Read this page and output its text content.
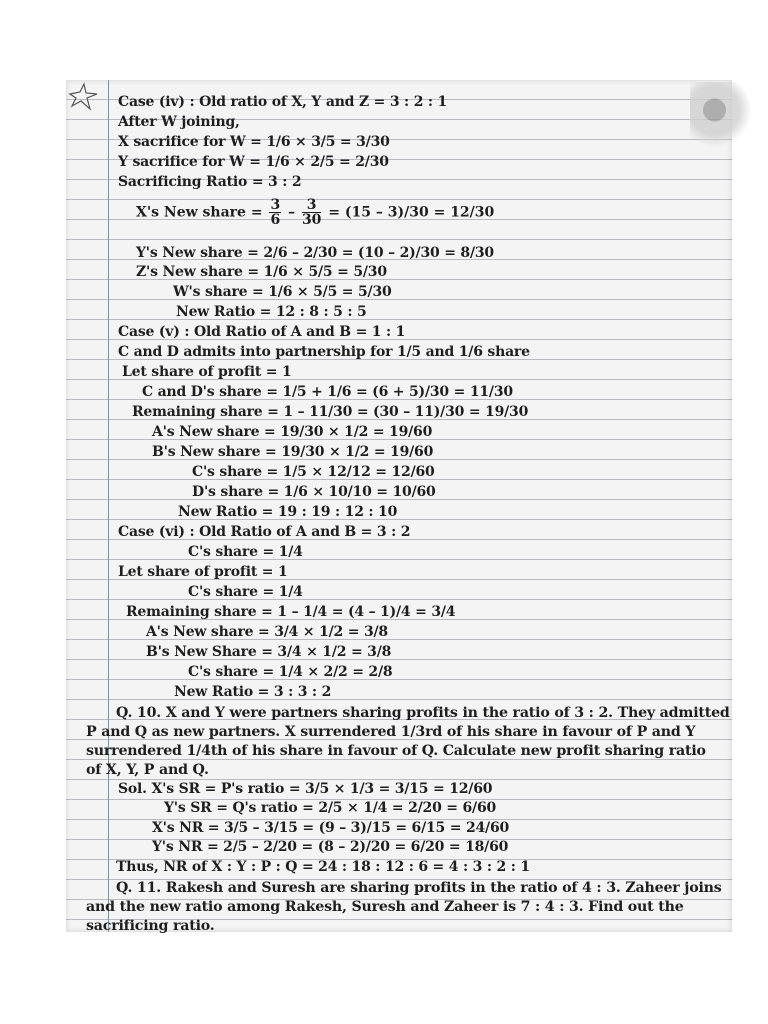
Case (iv) : Old ratio of X, Y and Z = 3 : 2 : 1
After W joining,
X sacrifice for W = 1/6 × 3/5 = 3/30
Y sacrifice for W = 1/6 × 2/5 = 2/30
Sacrificing Ratio = 3 : 2
X's New share = $\frac{3}{6} - \frac{3}{30} = (15 - 3)/30 = 12/30$
Y's New share = 2/6 – 2/30 = (10 – 2)/30 = 8/30
Z's New share = 1/6 × 5/5 = 5/30
W's share = 1/6 × 5/5 = 5/30
New Ratio = 12 : 8 : 5 : 5
Case (v) : Old Ratio of A and B = 1 : 1
C and D admits into partnership for 1/5 and 1/6 share
Let share of profit = 1
C and D's share = 1/5 + 1/6 = (6 + 5)/30 = 11/30
Remaining share = 1 – 11/30 = (30 – 11)/30 = 19/30
A's New share = 19/30 × 1/2 = 19/60
B's New share = 19/30 × 1/2 = 19/60
C's share = 1/5 × 12/12 = 12/60
D's share = 1/6 × 10/10 = 10/60
New Ratio = 19 : 19 : 12 : 10
Case (vi) : Old Ratio of A and B = 3 : 2
C's share = 1/4
Let share of profit = 1
C's share = 1/4
Remaining share = 1 – 1/4 = (4 – 1)/4 = 3/4
A's New share = 3/4 × 1/2 = 3/8
B's New Share = 3/4 × 1/2 = 3/8
C's share = 1/4 × 2/2 = 2/8
New Ratio = 3 : 3 : 2
Q. 10. X and Y were partners sharing profits in the ratio of 3 : 2. They admitted
P and Q as new partners. X surrendered 1/3rd of his share in favour of P and Y
surrendered 1/4th of his share in favour of Q. Calculate new profit sharing ratio
of X, Y, P and Q.
Sol. X's SR = P's ratio = 3/5 × 1/3 = 3/15 = 12/60
Y's SR = Q's ratio = 2/5 × 1/4 = 2/20 = 6/60
X's NR = 3/5 – 3/15 = (9 – 3)/15 = 6/15 = 24/60
Y's NR = 2/5 – 2/20 = (8 – 2)/20 = 6/20 = 18/60
Thus, NR of X : Y : P : Q = 24 : 18 : 12 : 6 = 4 : 3 : 2 : 1
Q. 11. Rakesh and Suresh are sharing profits in the ratio of 4 : 3. Zaheer joins
and the new ratio among Rakesh, Suresh and Zaheer is 7 : 4 : 3. Find out the
sacrificing ratio.
